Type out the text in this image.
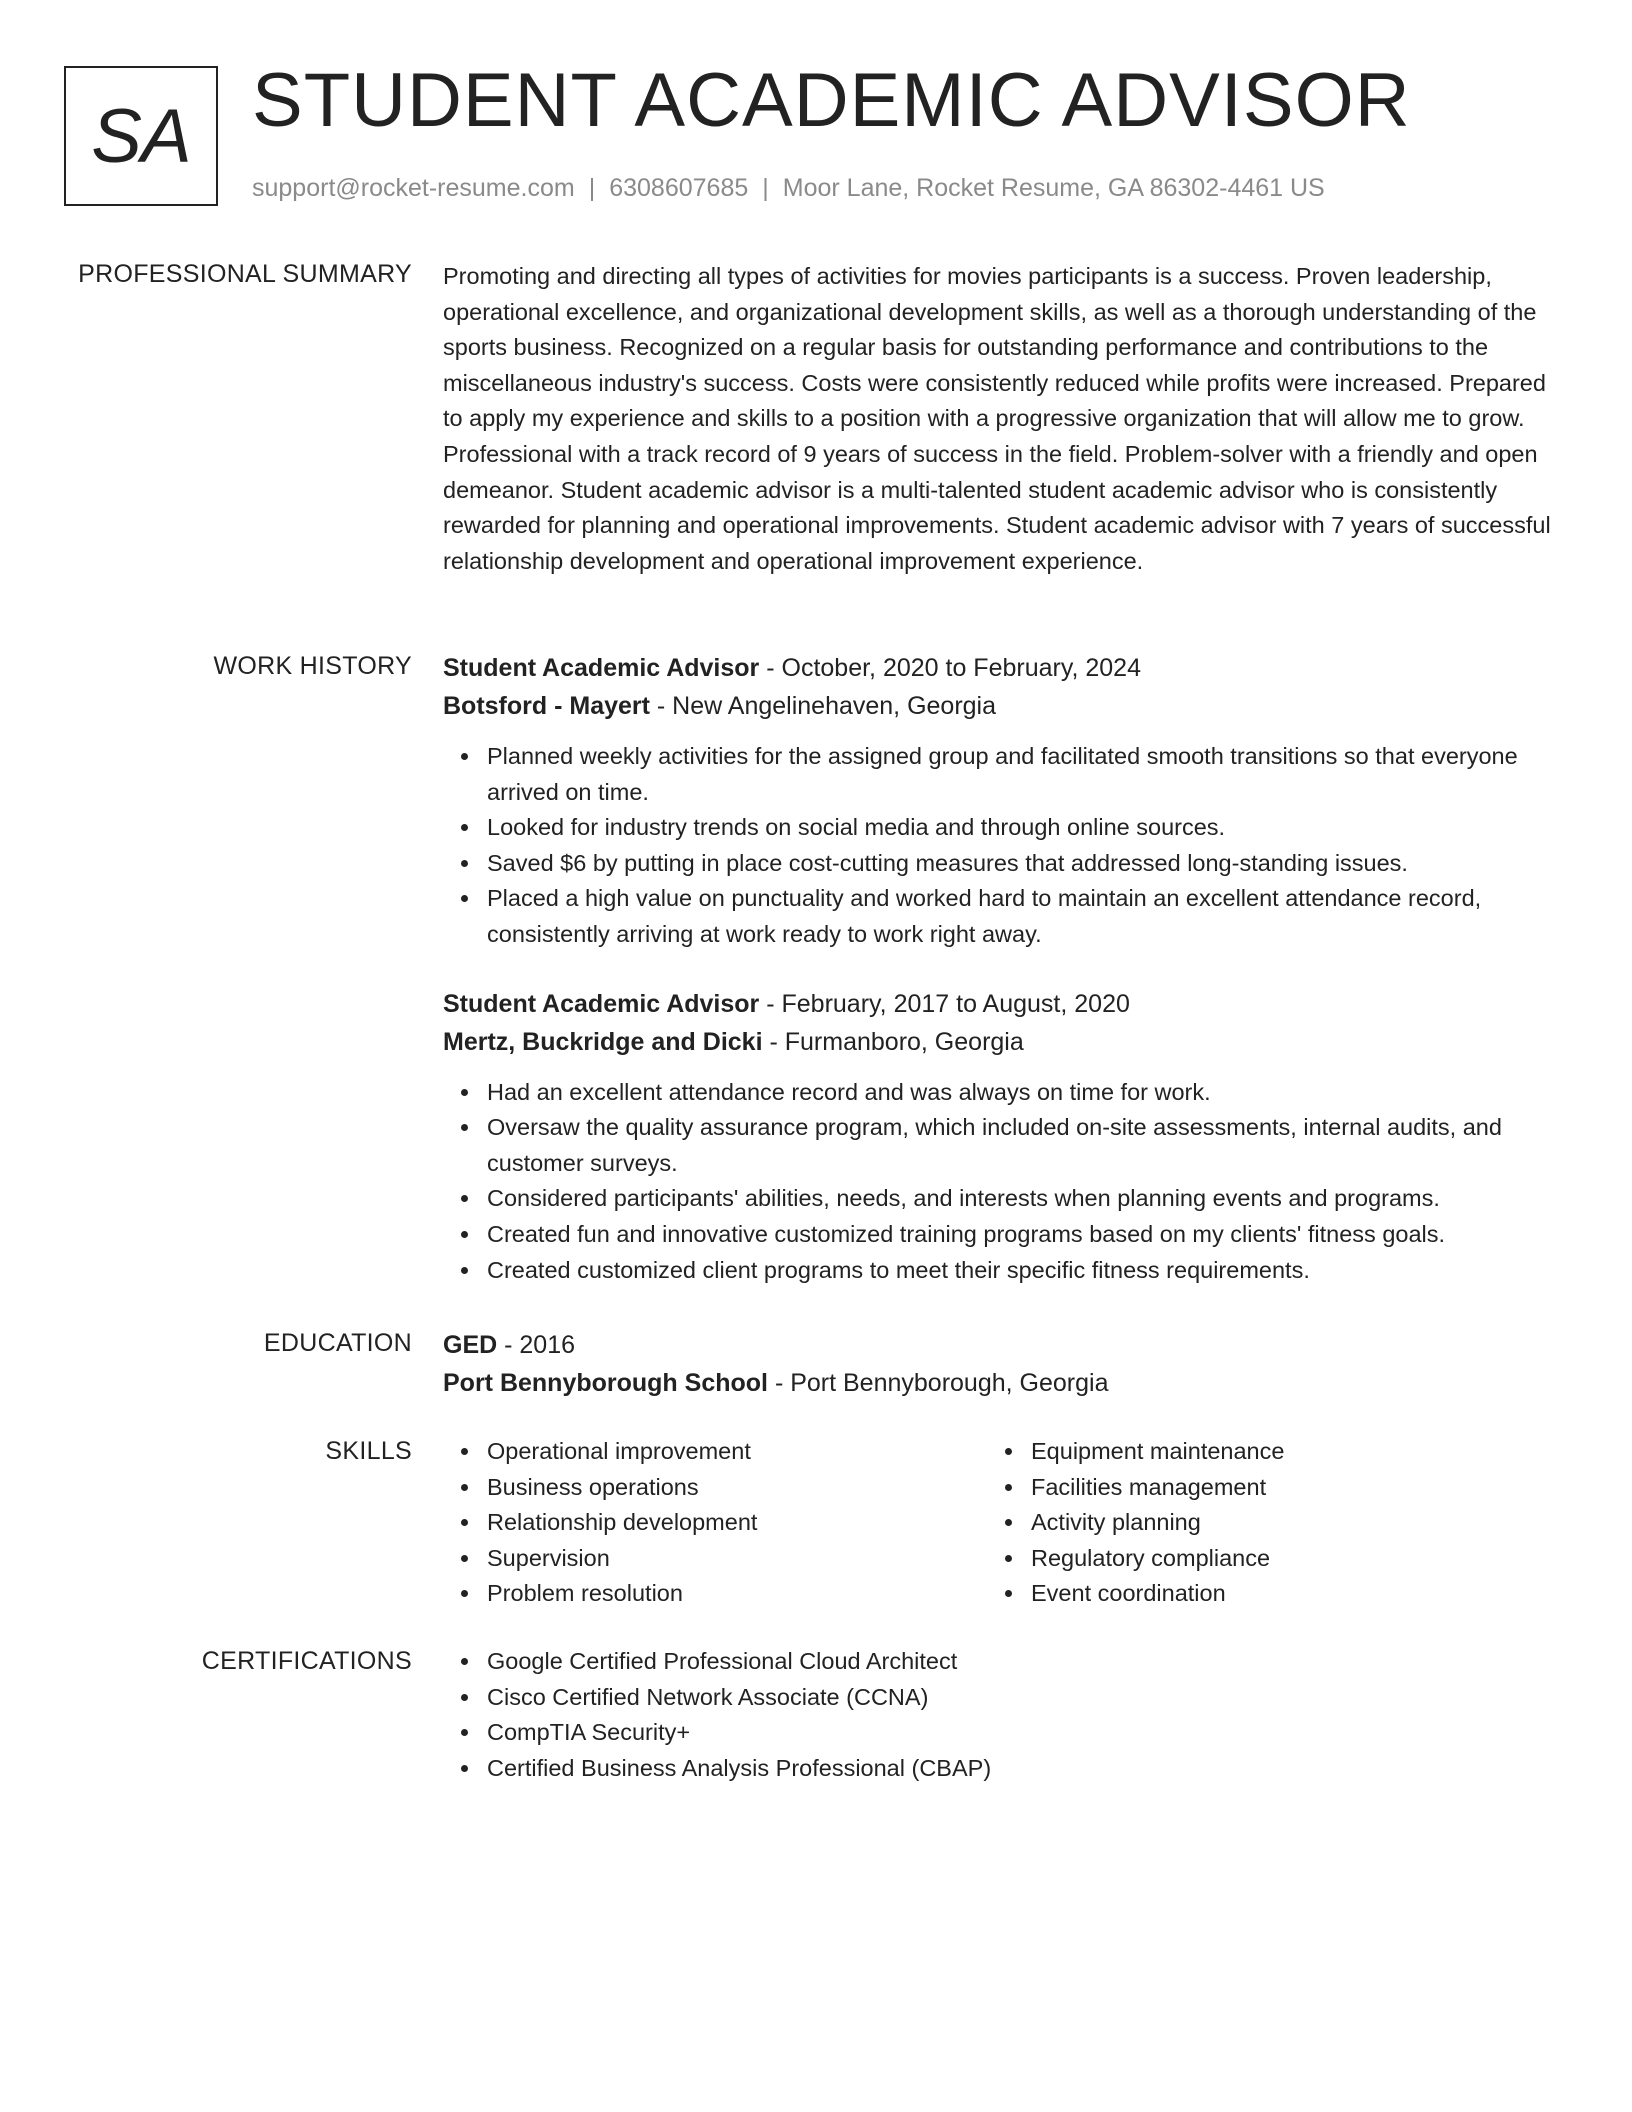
SA STUDENT ACADEMIC ADVISOR
support@rocket-resume.com | 6308607685 | Moor Lane, Rocket Resume, GA 86302-4461 US
PROFESSIONAL SUMMARY Promoting and directing all types of activities for movies participants is a success. Proven leadership, operational excellence, and organizational development skills, as well as a thorough understanding of the sports business. Recognized on a regular basis for outstanding performance and contributions to the miscellaneous industry's success. Costs were consistently reduced while profits were increased. Prepared to apply my experience and skills to a position with a progressive organization that will allow me to grow. Professional with a track record of 9 years of success in the field. Problem-solver with a friendly and open demeanor. Student academic advisor is a multi-talented student academic advisor who is consistently rewarded for planning and operational improvements. Student academic advisor with 7 years of successful relationship development and operational improvement experience.

WORK HISTORY Student Academic Advisor - October, 2020 to February, 2024
Botsford - Mayert - New Angelinehaven, Georgia
Planned weekly activities for the assigned group and facilitated smooth transitions so that everyone arrived on time.
Looked for industry trends on social media and through online sources.
Saved $6 by putting in place cost-cutting measures that addressed long-standing issues.
Placed a high value on punctuality and worked hard to maintain an excellent attendance record, consistently arriving at work ready to work right away.
Student Academic Advisor - February, 2017 to August, 2020
Mertz, Buckridge and Dicki - Furmanboro, Georgia
Had an excellent attendance record and was always on time for work.
Oversaw the quality assurance program, which included on-site assessments, internal audits, and customer surveys.
Considered participants' abilities, needs, and interests when planning events and programs.
Created fun and innovative customized training programs based on my clients' fitness goals.
Created customized client programs to meet their specific fitness requirements.
EDUCATION GED - 2016
Port Bennyborough School - Port Bennyborough, Georgia
SKILLS	Operational improvement
Business operations
Relationship development
Supervision
Problem resolution
Equipment maintenance
Facilities management
Activity planning
Regulatory compliance
Event coordination
CERTIFICATIONS	Google Certified Professional Cloud Architect
Cisco Certified Network Associate (CCNA)
CompTIA Security+
Certified Business Analysis Professional (CBAP)
